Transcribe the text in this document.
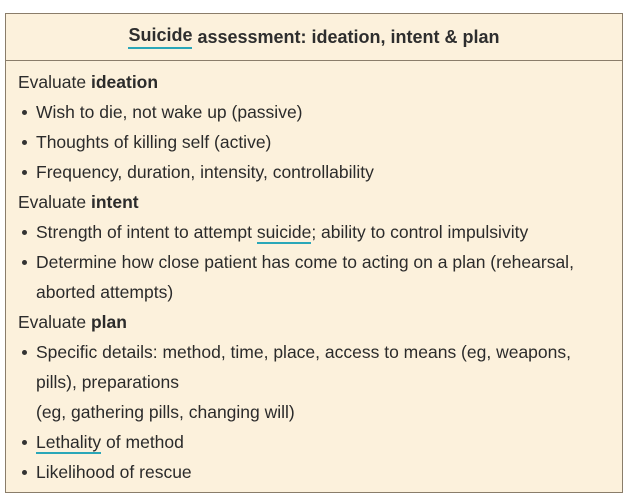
Suicide assessment: ideation, intent & plan
Evaluate ideation
Wish to die, not wake up (passive)
Thoughts of killing self (active)
Frequency, duration, intensity, controllability
Evaluate intent
Strength of intent to attempt suicide; ability to control impulsivity
Determine how close patient has come to acting on a plan (rehearsal, aborted attempts)
Evaluate plan
Specific details: method, time, place, access to means (eg, weapons, pills), preparations
(eg, gathering pills, changing will)
Lethality of method
Likelihood of rescue
